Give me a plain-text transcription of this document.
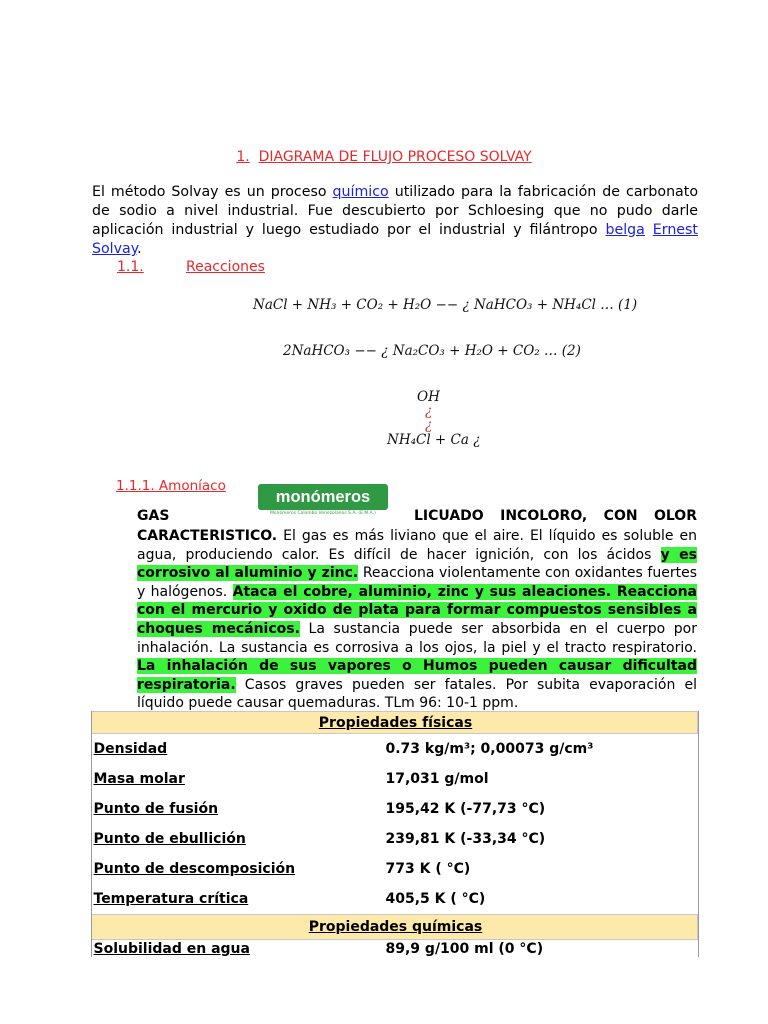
1. DIAGRAMA DE FLUJO PROCESO SOLVAY
El método Solvay es un proceso químico utilizado para la fabricación de carbonato de sodio a nivel industrial. Fue descubierto por Schloesing que no pudo darle aplicación industrial y luego estudiado por el industrial y filántropo belga Ernest Solvay.
1.1.	Reacciones
NaCl + NH₃ + CO₂ + H₂O −− ¿ NaHCO₃ + NH₄Cl … (1)
2NaHCO₃ −− ¿ Na₂CO₃ + H₂O + CO₂ … (2)
OH
¿
¿
NH₄Cl + Ca ¿
1.1.1. Amoníaco
monómeros
Monómeros Colombo Venezolanos S.A. (E.M.A.)
GAS	LICUADO INCOLORO, CON OLOR
CARACTERISTICO. El gas es más liviano que el aire. El líquido es soluble en agua, produciendo calor. Es difícil de hacer ignición, con los ácidos y es corrosivo al aluminio y zinc. Reacciona violentamente con oxidantes fuertes y halógenos. Ataca el cobre, aluminio, zinc y sus aleaciones. Reacciona con el mercurio y oxido de plata para formar compuestos sensibles a choques mecánicos. La sustancia puede ser absorbida en el cuerpo por inhalación. La sustancia es corrosiva a los ojos, la piel y el tracto respiratorio. La inhalación de sus vapores o Humos pueden causar dificultad respiratoria. Casos graves pueden ser fatales. Por subita evaporación el líquido puede causar quemaduras. TLm 96: 10-1 ppm.
Propiedades físicas	
Densidad	0.73 kg/m³; 0,00073 g/cm³
Masa molar	17,031 g/mol
Punto de fusión	195,42 K (-77,73 °C)
Punto de ebullición	239,81 K (-33,34 °C)
Punto de descomposición	773 K ( °C)
Temperatura crítica	405,5 K ( °C)
Propiedades químicas	
Solubilidad en agua	89,9 g/100 ml (0 °C)
